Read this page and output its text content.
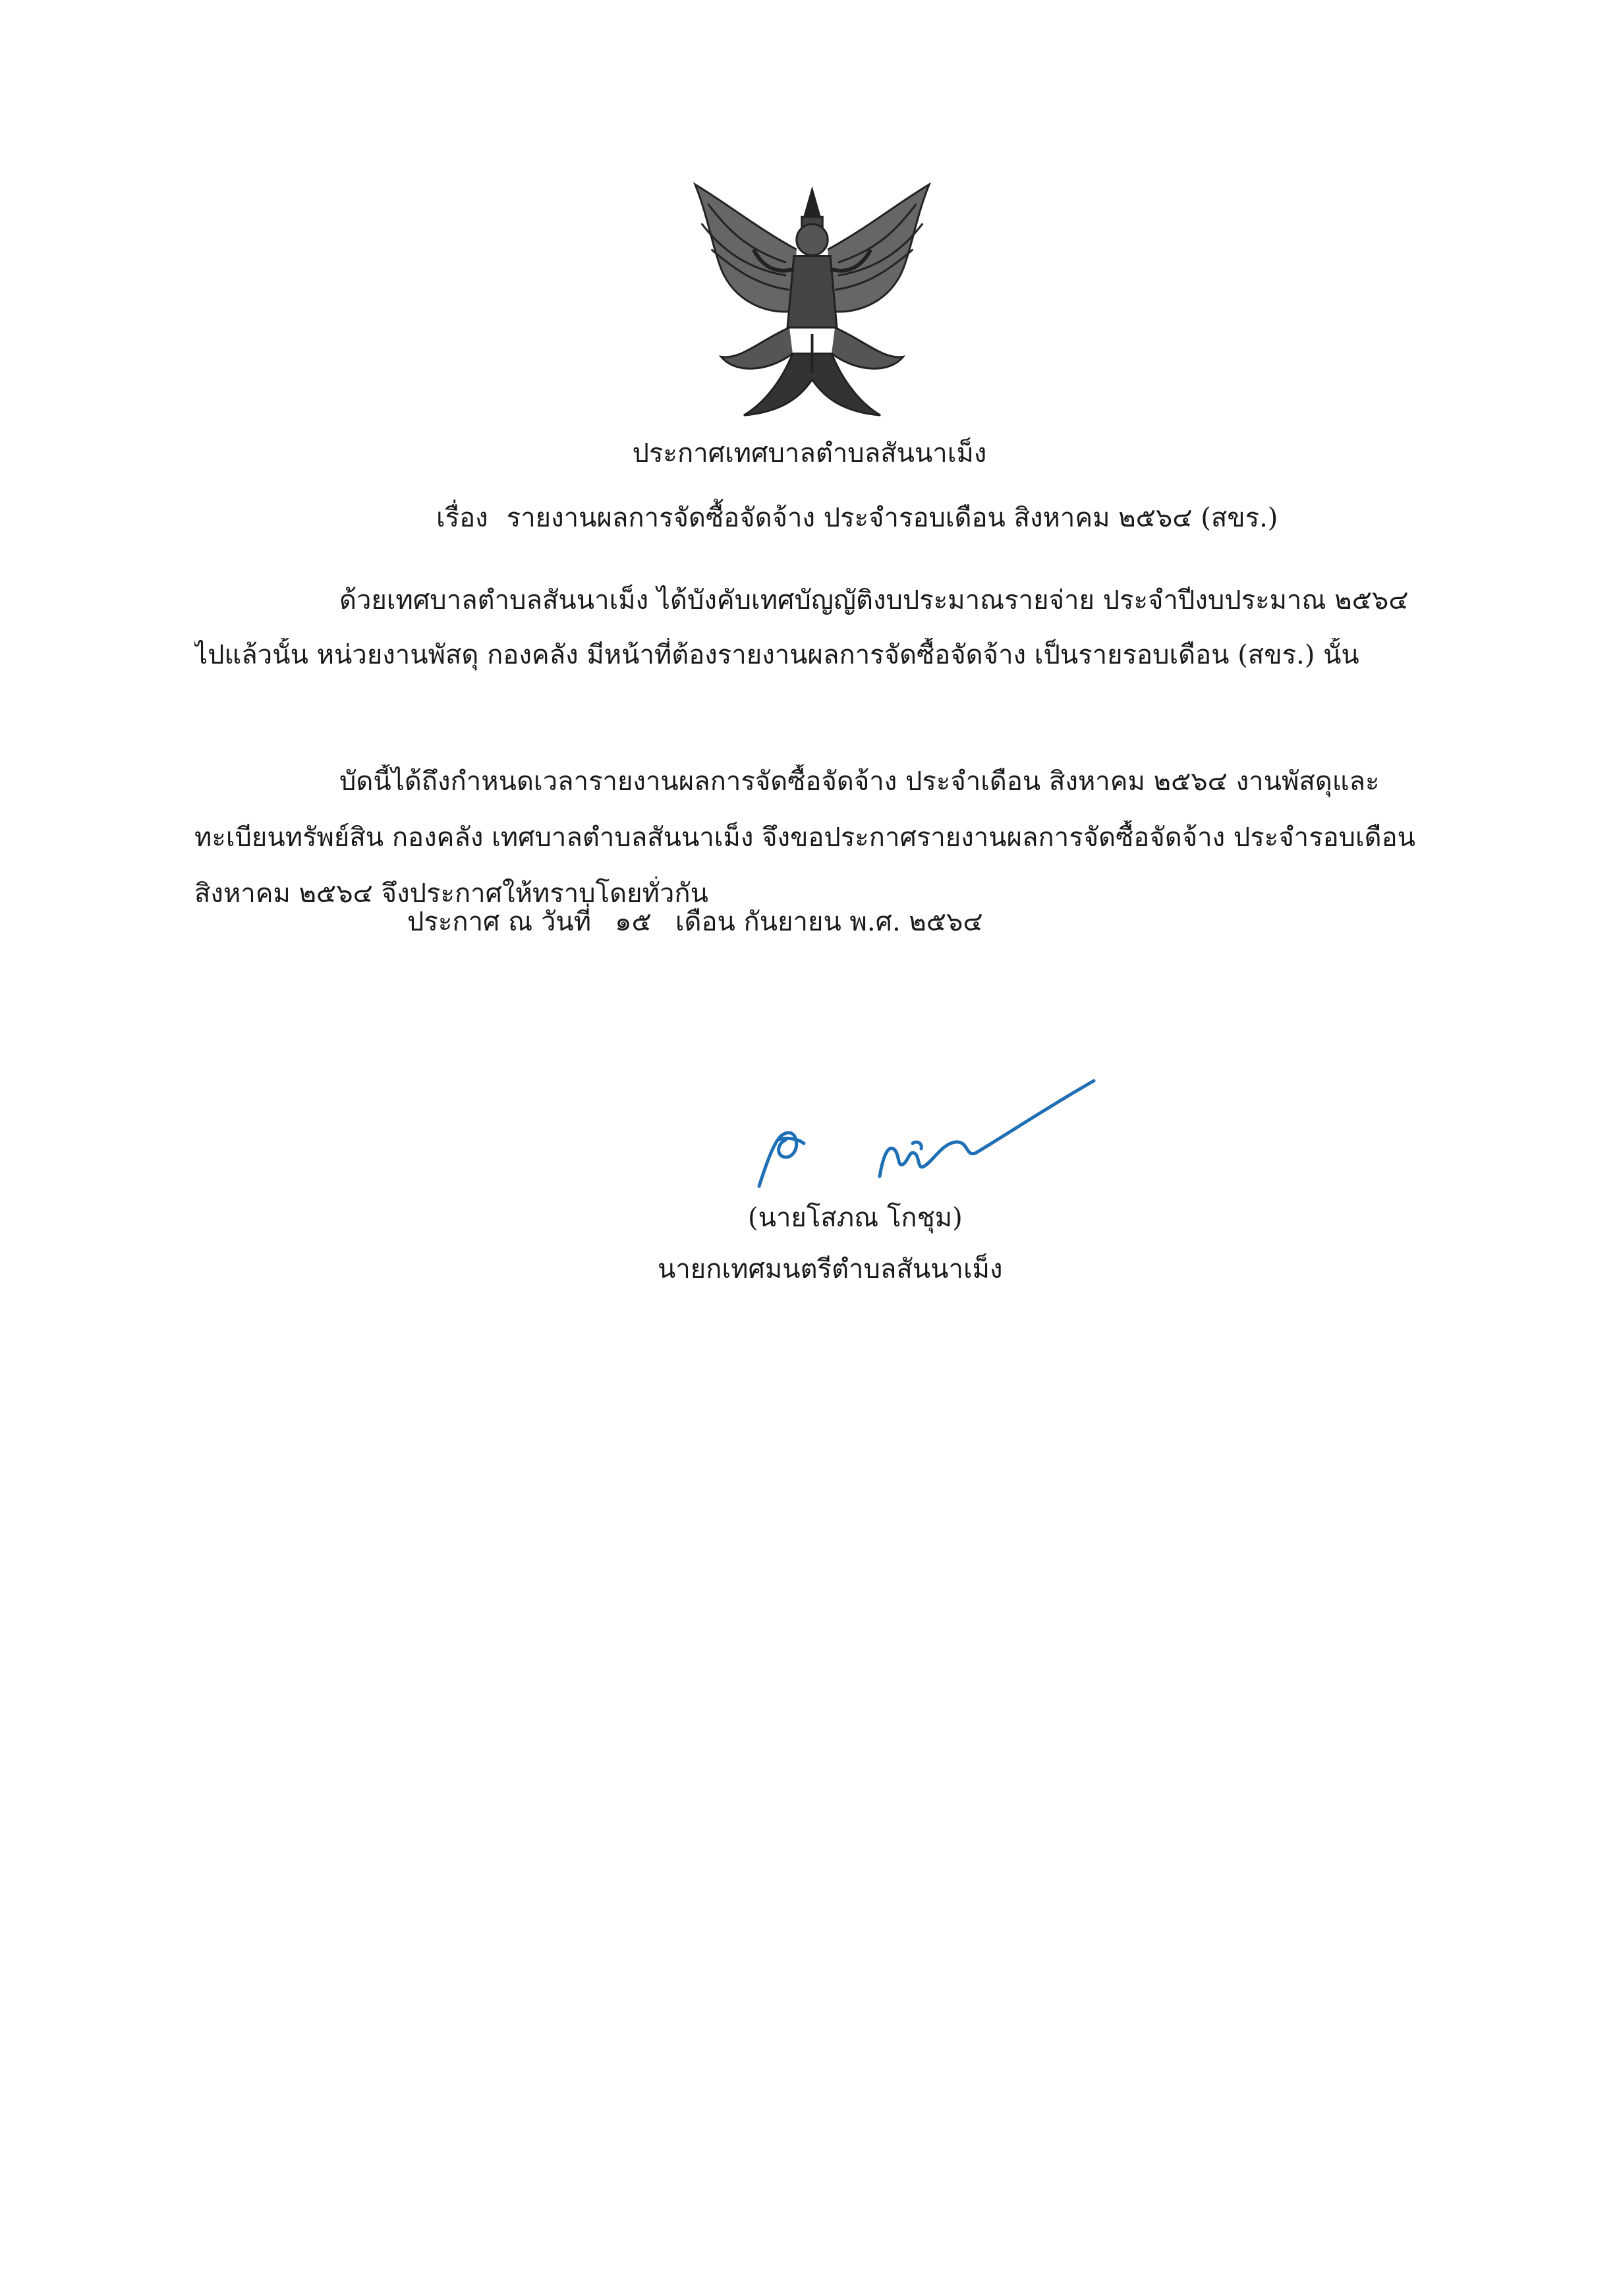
ประกาศเทศบาลตำบลสันนาเม็ง

เรื่อง รายงานผลการจัดซื้อจัดจ้าง ประจำรอบเดือน สิงหาคม ๒๕๖๔ (สขร.)

ด้วยเทศบาลตำบลสันนาเม็ง ได้บังคับเทศบัญญัติงบประมาณรายจ่าย ประจำปีงบประมาณ ๒๕๖๔

ไปแล้วนั้น หน่วยงานพัสดุ กองคลัง มีหน้าที่ต้องรายงานผลการจัดซื้อจัดจ้าง เป็นรายรอบเดือน (สขร.) นั้น

บัดนี้ได้ถึงกำหนดเวลารายงานผลการจัดซื้อจัดจ้าง ประจำเดือน สิงหาคม ๒๕๖๔ งานพัสดุและ

ทะเบียนทรัพย์สิน กองคลัง เทศบาลตำบลสันนาเม็ง จึงขอประกาศรายงานผลการจัดซื้อจัดจ้าง ประจำรอบเดือน

สิงหาคม ๒๕๖๔ จึงประกาศให้ทราบโดยทั่วกัน

ประกาศ ณ วันที่ ๑๕ เดือน กันยายน พ.ศ. ๒๕๖๔

(นายโสภณ โกชุม)

นายกเทศมนตรีตำบลสันนาเม็ง
